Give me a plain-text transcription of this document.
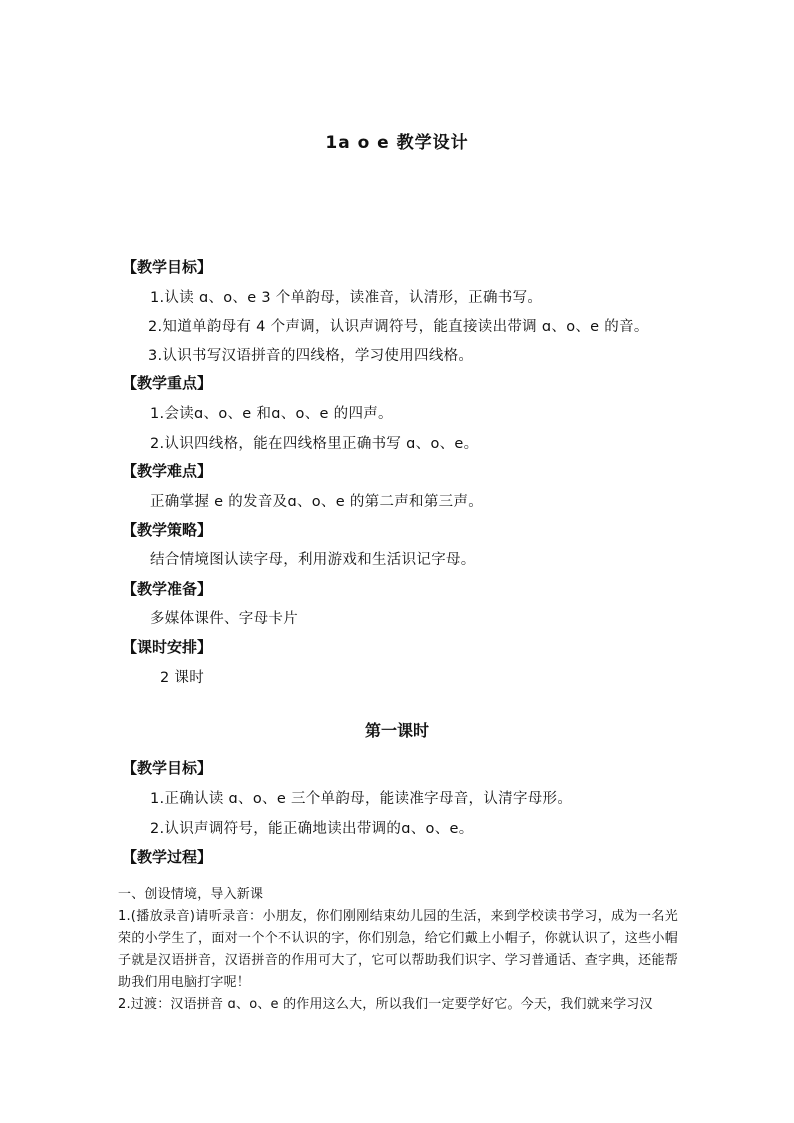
1a o e 教学设计
【教学目标】
1.认读 ɑ、o、e 3 个单韵母，读准音，认清形，正确书写。
2.知道单韵母有 4 个声调，认识声调符号，能直接读出带调 ɑ、o、e 的音。
3.认识书写汉语拼音的四线格，学习使用四线格。
【教学重点】
1.会读ɑ、o、e 和ɑ、o、e 的四声。
2.认识四线格，能在四线格里正确书写 ɑ、o、e。
【教学难点】
正确掌握 e 的发音及ɑ、o、e 的第二声和第三声。
【教学策略】
结合情境图认读字母，利用游戏和生活识记字母。
【教学准备】
多媒体课件、字母卡片
【课时安排】
2 课时
第一课时
【教学目标】
1.正确认读 ɑ、o、e 三个单韵母，能读准字母音，认清字母形。
2.认识声调符号，能正确地读出带调的ɑ、o、e。
【教学过程】
一、创设情境，导入新课
1.(播放录音)请听录音：小朋友，你们刚刚结束幼儿园的生活，来到学校读书学习，成为一名光荣的小学生了，面对一个个不认识的字，你们别急，给它们戴上小帽子，你就认识了，这些小帽子就是汉语拼音，汉语拼音的作用可大了，它可以帮助我们识字、学习普通话、查字典，还能帮助我们用电脑打字呢！
2.过渡：汉语拼音 ɑ、o、e 的作用这么大，所以我们一定要学好它。今天，我们就来学习汉
